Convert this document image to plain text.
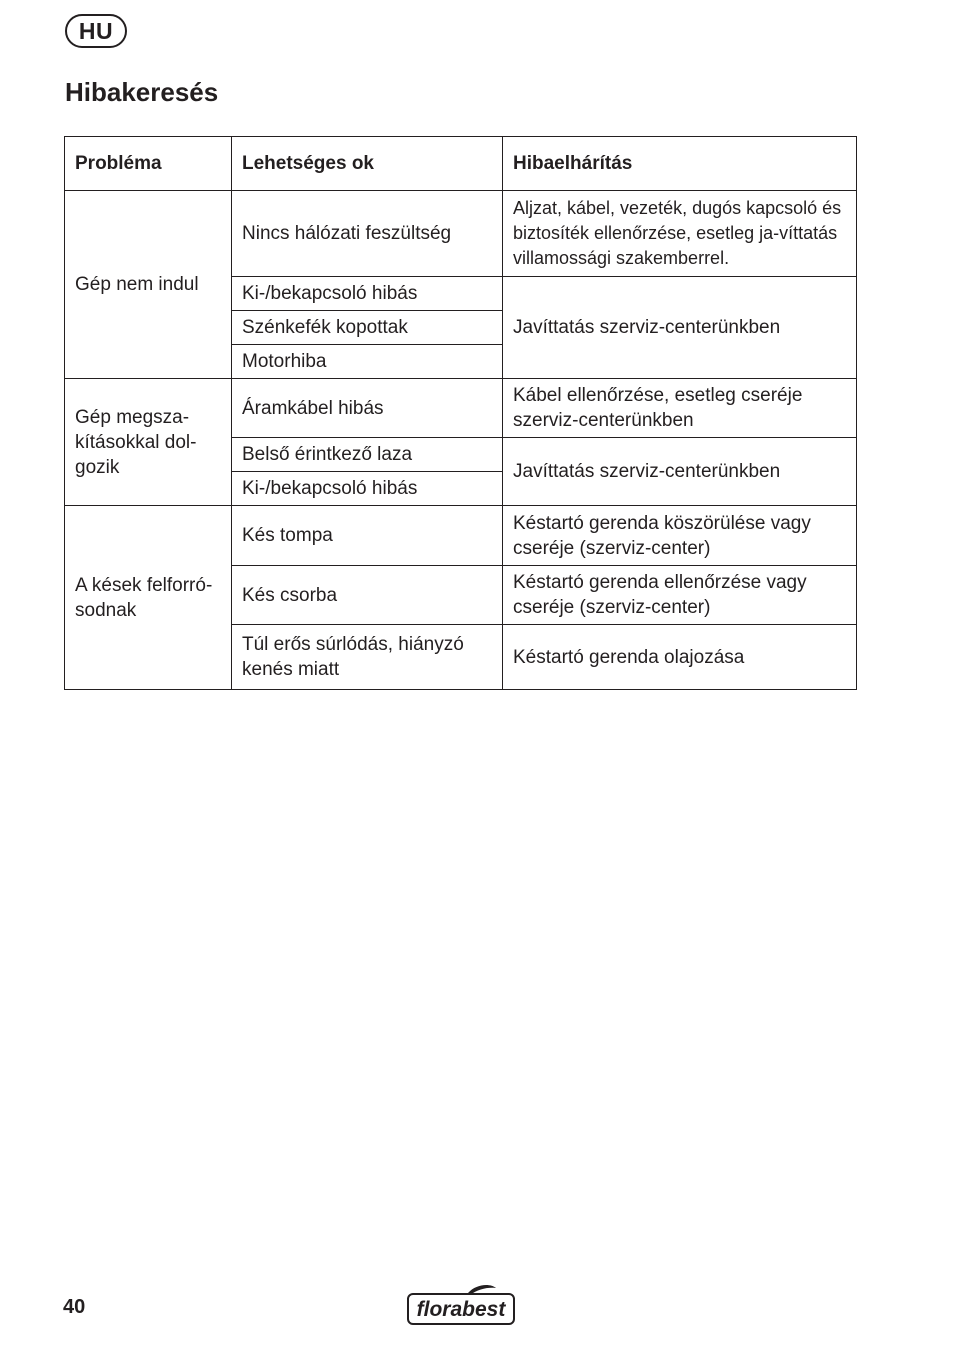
HU
Hibakeresés
Probléma	Lehetséges ok	Hibaelhárítás
Gép nem indul	Nincs hálózati feszültség	Aljzat, kábel, vezeték, dugós kapcsoló és biztosíték ellenőrzése, esetleg ja-víttatás villamossági szakemberrel.
	Ki-/bekapcsoló hibás	Javíttatás szerviz-centerünkben
	Szénkefék kopottak	
	Motorhiba	
Gép megsza-kításokkal dol-gozik	Áramkábel hibás	Kábel ellenőrzése, esetleg cseréje szerviz-centerünkben
	Belső érintkező laza	Javíttatás szerviz-centerünkben
	Ki-/bekapcsoló hibás	
A kések felforró-sodnak	Kés tompa	Késtartó gerenda köszörülése vagy cseréje (szerviz-center)
	Kés csorba	Késtartó gerenda ellenőrzése vagy cseréje (szerviz-center)
	Túl erős súrlódás, hiányzó kenés miatt	Késtartó gerenda olajozása
40	florabest
